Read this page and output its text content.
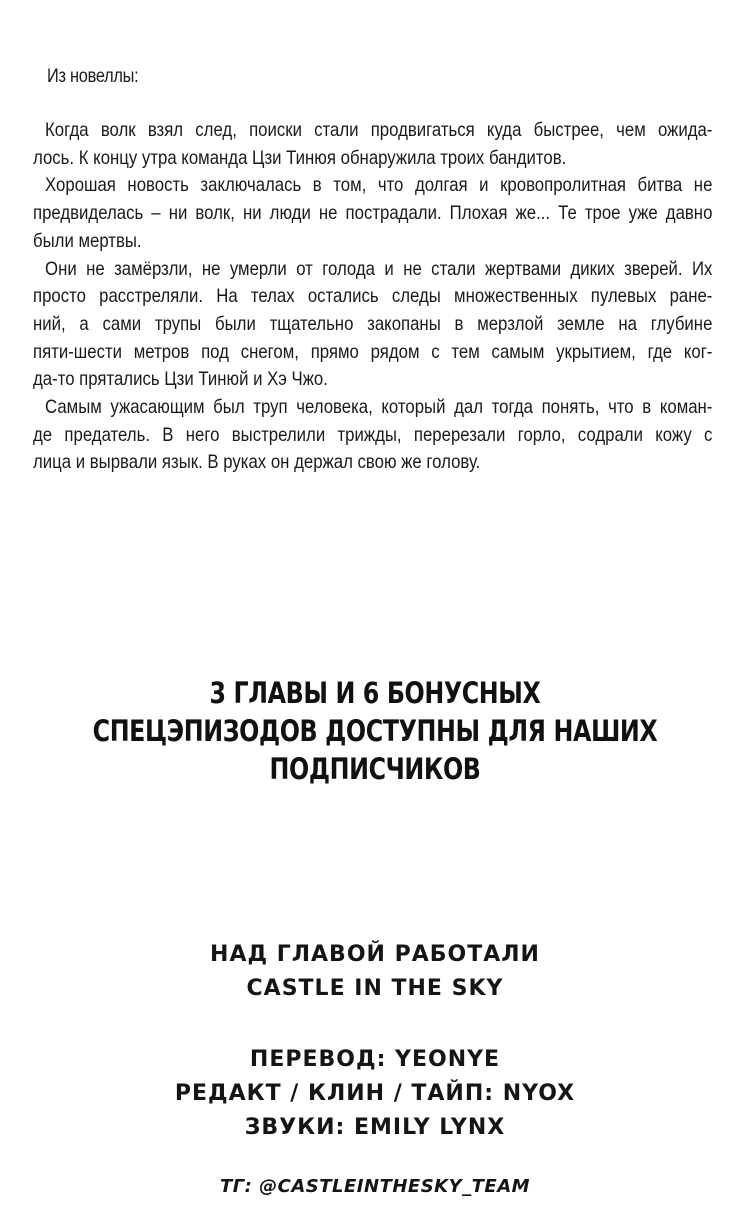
Из новеллы:
Когда волк взял след, поиски стали продвигаться куда быстрее, чем ожида-
лось. К концу утра команда Цзи Тинюя обнаружила троих бандитов.
Хорошая новость заключалась в том, что долгая и кровопролитная битва не
предвиделась – ни волк, ни люди не пострадали. Плохая же... Те трое уже давно
были мертвы.
Они не замёрзли, не умерли от голода и не стали жертвами диких зверей. Их
просто расстреляли. На телах остались следы множественных пулевых ране-
ний, а сами трупы были тщательно закопаны в мерзлой земле на глубине
пяти-шести метров под снегом, прямо рядом с тем самым укрытием, где ког-
да-то прятались Цзи Тинюй и Хэ Чжо.
Самым ужасающим был труп человека, который дал тогда понять, что в коман-
де предатель. В него выстрелили трижды, перерезали горло, содрали кожу с
лица и вырвали язык. В руках он держал свою же голову.
3 ГЛАВЫ И 6 БОНУСНЫХ
СПЕЦЭПИЗОДОВ ДОСТУПНЫ ДЛЯ НАШИХ
ПОДПИСЧИКОВ
НАД ГЛАВОЙ РАБОТАЛИ
CASTLE IN THE SKY
ПЕРЕВОД: YEONYE
РЕДАКТ / КЛИН / ТАЙП: NYOX
ЗВУКИ: EMILY LYNX
ТГ: @CASTLEINTHESKY_TEAM
